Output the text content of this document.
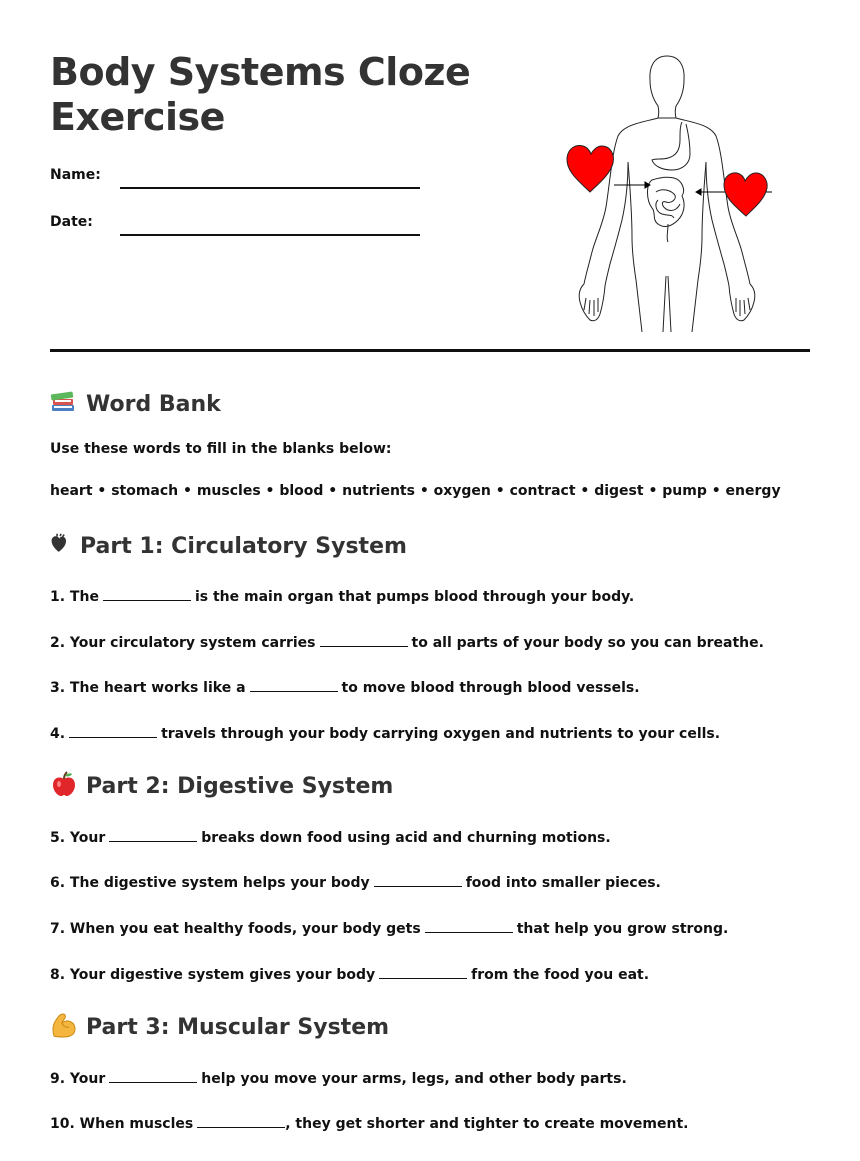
Body Systems Cloze
Exercise
Name:
Date:
Word Bank
Use these words to fill in the blanks below:
heart • stomach • muscles • blood • nutrients • oxygen • contract • digest • pump • energy
Part 1: Circulatory System
1. The	is the main organ that pumps blood through your body.
2. Your circulatory system carries	to all parts of your body so you can breathe.
3. The heart works like a	to move blood through blood vessels.
4.	travels through your body carrying oxygen and nutrients to your cells.
Part 2: Digestive System
5. Your	breaks down food using acid and churning motions.
6. The digestive system helps your body	food into smaller pieces.
7. When you eat healthy foods, your body gets	that help you grow strong.
8. Your digestive system gives your body	from the food you eat.
Part 3: Muscular System
9. Your	help you move your arms, legs, and other body parts.
10. When muscles	, they get shorter and tighter to create movement.
